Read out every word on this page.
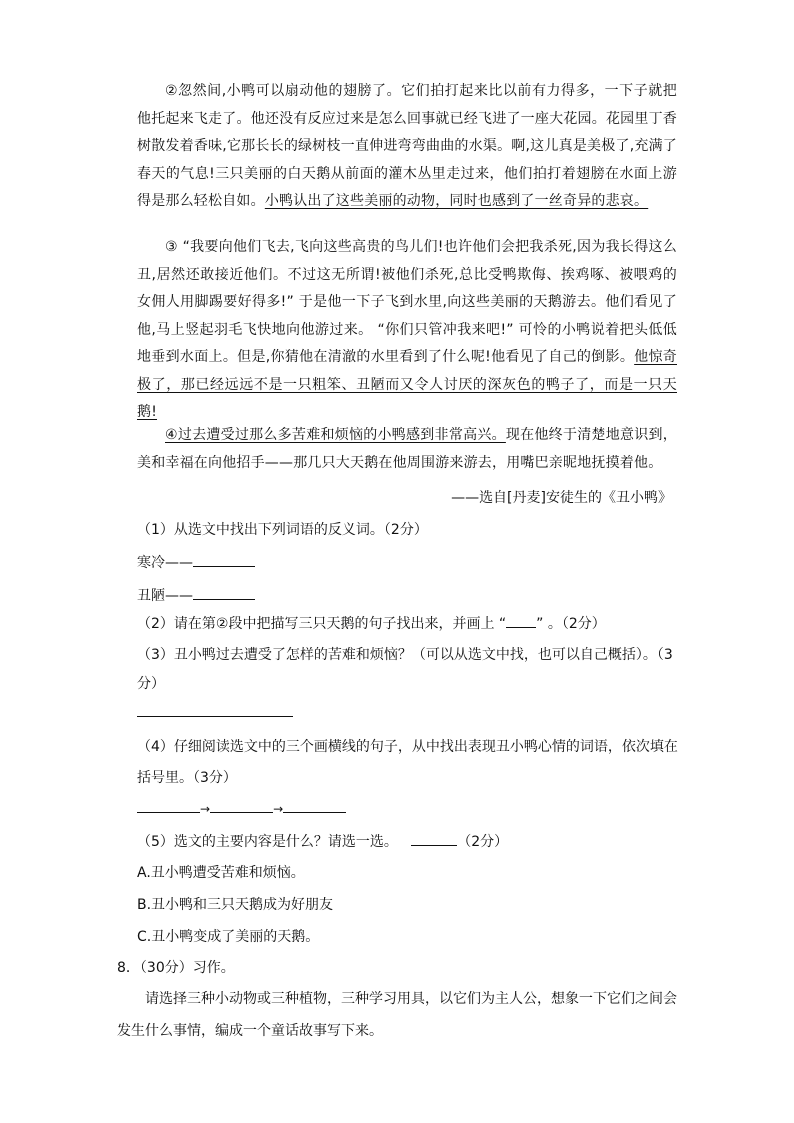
②忽然间,小鸭可以扇动他的翅膀了。它们拍打起来比以前有力得多，一下子就把他托起来飞走了。他还没有反应过来是怎么回事就已经飞进了一座大花园。花园里丁香树散发着香味,它那长长的绿树枝一直伸进弯弯曲曲的水渠。啊,这儿真是美极了,充满了春天的气息!三只美丽的白天鹅从前面的灌木丛里走过来，他们拍打着翅膀在水面上游得是那么轻松自如。小鸭认出了这些美丽的动物，同时也感到了一丝奇异的悲哀。
③ “我要向他们飞去,飞向这些高贵的鸟儿们!也许他们会把我杀死,因为我长得这么丑,居然还敢接近他们。不过这无所谓!被他们杀死,总比受鸭欺侮、挨鸡啄、被喂鸡的女佣人用脚踢要好得多!” 于是他一下子飞到水里,向这些美丽的天鹅游去。他们看见了他,马上竖起羽毛飞快地向他游过来。 “你们只管冲我来吧!” 可怜的小鸭说着把头低低地垂到水面上。但是,你猜他在清澈的水里看到了什么呢!他看见了自己的倒影。他惊奇极了，那已经远远不是一只粗笨、丑陋而又令人讨厌的深灰色的鸭子了，而是一只天鹅!
④过去遭受过那么多苦难和烦恼的小鸭感到非常高兴。现在他终于清楚地意识到，美和幸福在向他招手——那几只大天鹅在他周围游来游去，用嘴巴亲昵地抚摸着他。
——选自[丹麦]安徒生的《丑小鸭》
（1）从选文中找出下列词语的反义词。（2分）
寒冷——
丑陋——
（2）请在第②段中把描写三只天鹅的句子找出来，并画上 “ ” 。（2分）
（3）丑小鸭过去遭受了怎样的苦难和烦恼？（可以从选文中找，也可以自己概括）。（3
分）
（4）仔细阅读选文中的三个画横线的句子，从中找出表现丑小鸭心情的词语，依次填在
括号里。（3分）
→	→
（5）选文的主要内容是什么？请选一选。	（2分）
A.丑小鸭遭受苦难和烦恼。
B.丑小鸭和三只天鹅成为好朋友
C.丑小鸭变成了美丽的天鹅。
8．（30分）习作。
请选择三种小动物或三种植物，三种学习用具，以它们为主人公，想象一下它们之间会
发生什么事情，编成一个童话故事写下来。
